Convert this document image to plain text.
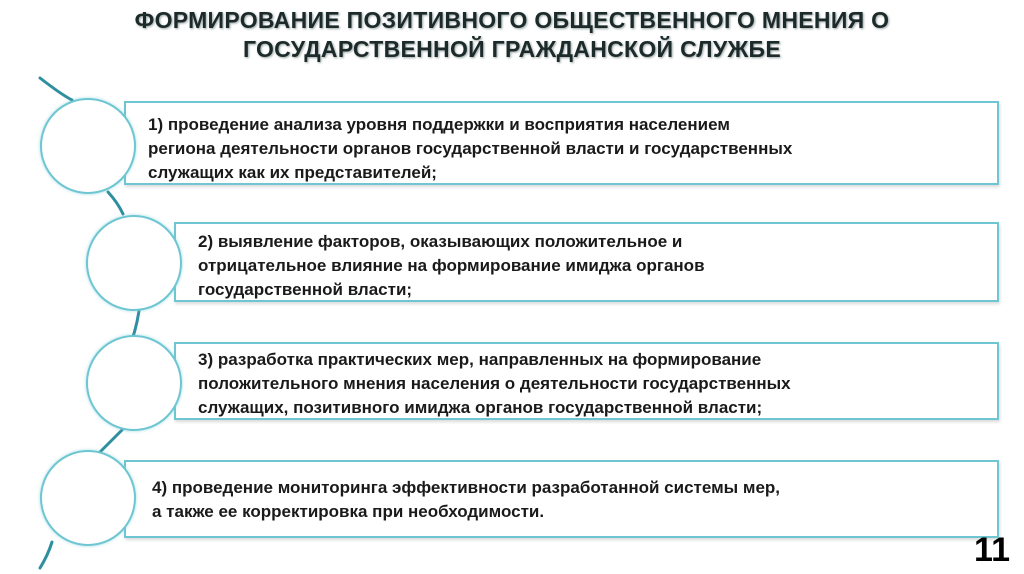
ФОРМИРОВАНИЕ ПОЗИТИВНОГО ОБЩЕСТВЕННОГО МНЕНИЯ О
ГОСУДАРСТВЕННОЙ ГРАЖДАНСКОЙ СЛУЖБЕ
1) проведение анализа уровня поддержки и восприятия населением
региона деятельности органов государственной власти и государственных
служащих как их представителей;
2) выявление факторов, оказывающих положительное и
отрицательное влияние на формирование имиджа органов
государственной власти;
3) разработка практических мер, направленных на формирование
положительного мнения населения о деятельности государственных
служащих, позитивного имиджа органов государственной власти;
4) проведение мониторинга эффективности разработанной системы мер,
а также ее корректировка при необходимости.
11
